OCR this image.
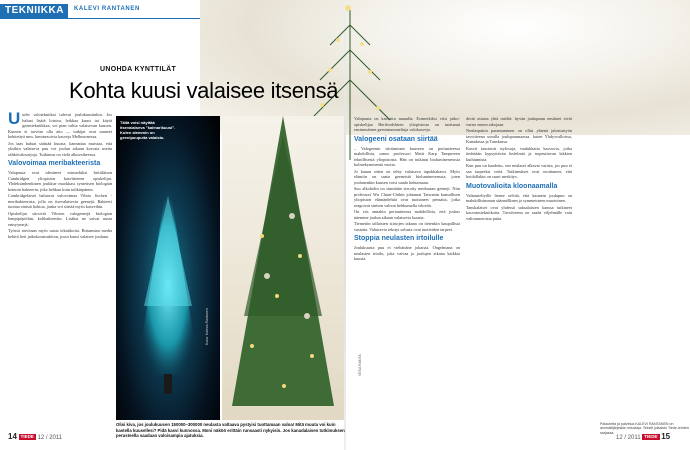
TEKNIIKKA	KALEVI RANTANEN
UNOHDA KYNTTILÄT
Kohta kuusi valaisee itsensä

Uudet valotekniikat tulevat joulukuusiinkin. Jos haluat lisätä loistoa, leikkaa kuusi tai käytä geenitekniikkaa, voi pian valita valaisevan kuusen. Kuusen ei tarvitse olla aito — tutkijat ovat saaneet kehitettyä mm. luminesoivia kasveja Melbournessa.

Jos taas haluat säästää kuusta, kannattaa muistaa, että yksikin valaiseva puu voi joulun aikaan korvata useita sähkövalosarjoja. Tutkimus on vielä alkuvaiheessa.

Valovoimaa meribakteerista

Valopuuta ovat ideoineet esimerkiksi brittiläisen Cambridgen yliopiston kasvitieteen opiskelijat. Yhdeksänhenkinen joukkue muokkasi syntetisen biologian keinoin bakteerin, joka hehkuu kuin tulikärpänen.

Cambridgelaiset haluavat valovoimaa Vibrio fischeri -meribakteerista, jolla on itsevalaisevia geenejä. Bakteeri tuottaa sinistä hohtoa, jonka voi siirtää myös kasveihin.

Opiskelijat siirsivät Vibrion valogeenejä biologian lempipöpöihin, kolibakteeriin. Lisäksi ne saivat uusia entsyymejä.

Työssä tarvitaan myös uusia tekniikoita. Britannian media kehitti heti jatkokonstruktion, jossa kuusi valaisee jouluna.

Tältä voisi näyttää itsevalaiseva "kalmarikuusi". Kuten aiemmin on geenipuupuita valaistu.
Kuva: Kaleva Rantanen
VESA RANTA
Olisi kiva, jos joulukuusen 150000–300000 neulasta valtaava pystyisi tuottamaan valoa! Mitä muuta voi kuin kastella kuusellesi? Pidä kasvi kunnossa. Moni näköö erittäin runsaasti nykyisin. Jos kanadalaisen tutkimuksen perusteella saadaan valoisampia ajatuksia.

Valopuuta on kasvattu muualla. Esimerkiksi viisi jatko-opiskelijaa Hertfordshiren yliopistosta on tuottanut ensimmäisen geenimuunneltuja valokasveja.

Valogeeni osataan siirtää

– Valogeenin siirtäminen kuuseen on periaatteessa mahdollista, sanoo professori Matti Karp Tampereen teknillisestä yliopistosta. Hän on tutkinut bioluminesenssia kolmekymmentä vuotta.

Jo kauan sitten on tehty valaiseva tupakkakasvi. Myös elämiin on saatu geeneistä bioluminesenssia, joten joulunenkin kuusen voisi saada hohtamaan.

Suo alkoholin on sinnitään sieroity meduusan geeneji. Niin professori Wu Chiun-Chihin johtamat Taiwanin kansallisen yliopiston elämänlehtiä ovat tuottaneet pensaita, jotka reagoivat sinisen valoon hehkumalla vihreää.

On siis annakin periaatteessa mahdollista, että joskus näemme joulun aikaan valaisevia kuusia.

Tiemeiiin tallaisten siirtojen takana on tietenkin kaupallisia vastatta. Valaisevia tekstyt solusia ovat tuotteiden tarpeet.

Stoppia neulasten irtoilulle

Joulukuusta puu ei viehättäne jokaista. Ongelmana on neulasten irtoilu, joka vaivaa jo joulujen aikana kaikkia kuusia.

destä asiasta yhtä mieltä: hyvän joulupuun neulaset eivät varise ennen aikojaan.

Neulaspukin parantaminen on ollut yhtenä jalostustyön tavoitteena usealla joulupuumaassa, kuten Yhdysvalloissa, Kanadassa ja Tanskassa.

Kasvit taustavat stylosoja, vaalukkaita kasvuvia, jotka tiedetään kypsyttävän hedelmiä ja nopeuttavan lakkien kuihtumista.

Kun puu on kaadettu, sen neulaset alkavat varista, jos puu ei saa tarpeeksi vettä. Tutkimukset ovat osoittaneet, että hoidollakin on suuri merkitys.

Muotovalioita kloonaamalla

Valtamieltyille lienee selvää, että kaunein joulupuu on mahdollisimman säännöllinen ja symmetrinen muotoinen.

Tanskalaiset ovat yhdessä saksalaisten kanssa tutkineet kasvatustekniikoita. Tavoitteena on saada viljelmälle vain valiomuotoisia puita.

Palautetta ja palvelua KALEVI RANTANEN on ammattijärjestön edustaja. Tekstit julkaistu Tiede-lehden sarjassa.
14 TIEDE 12 / 2011	12 / 2011 TIEDE 15
